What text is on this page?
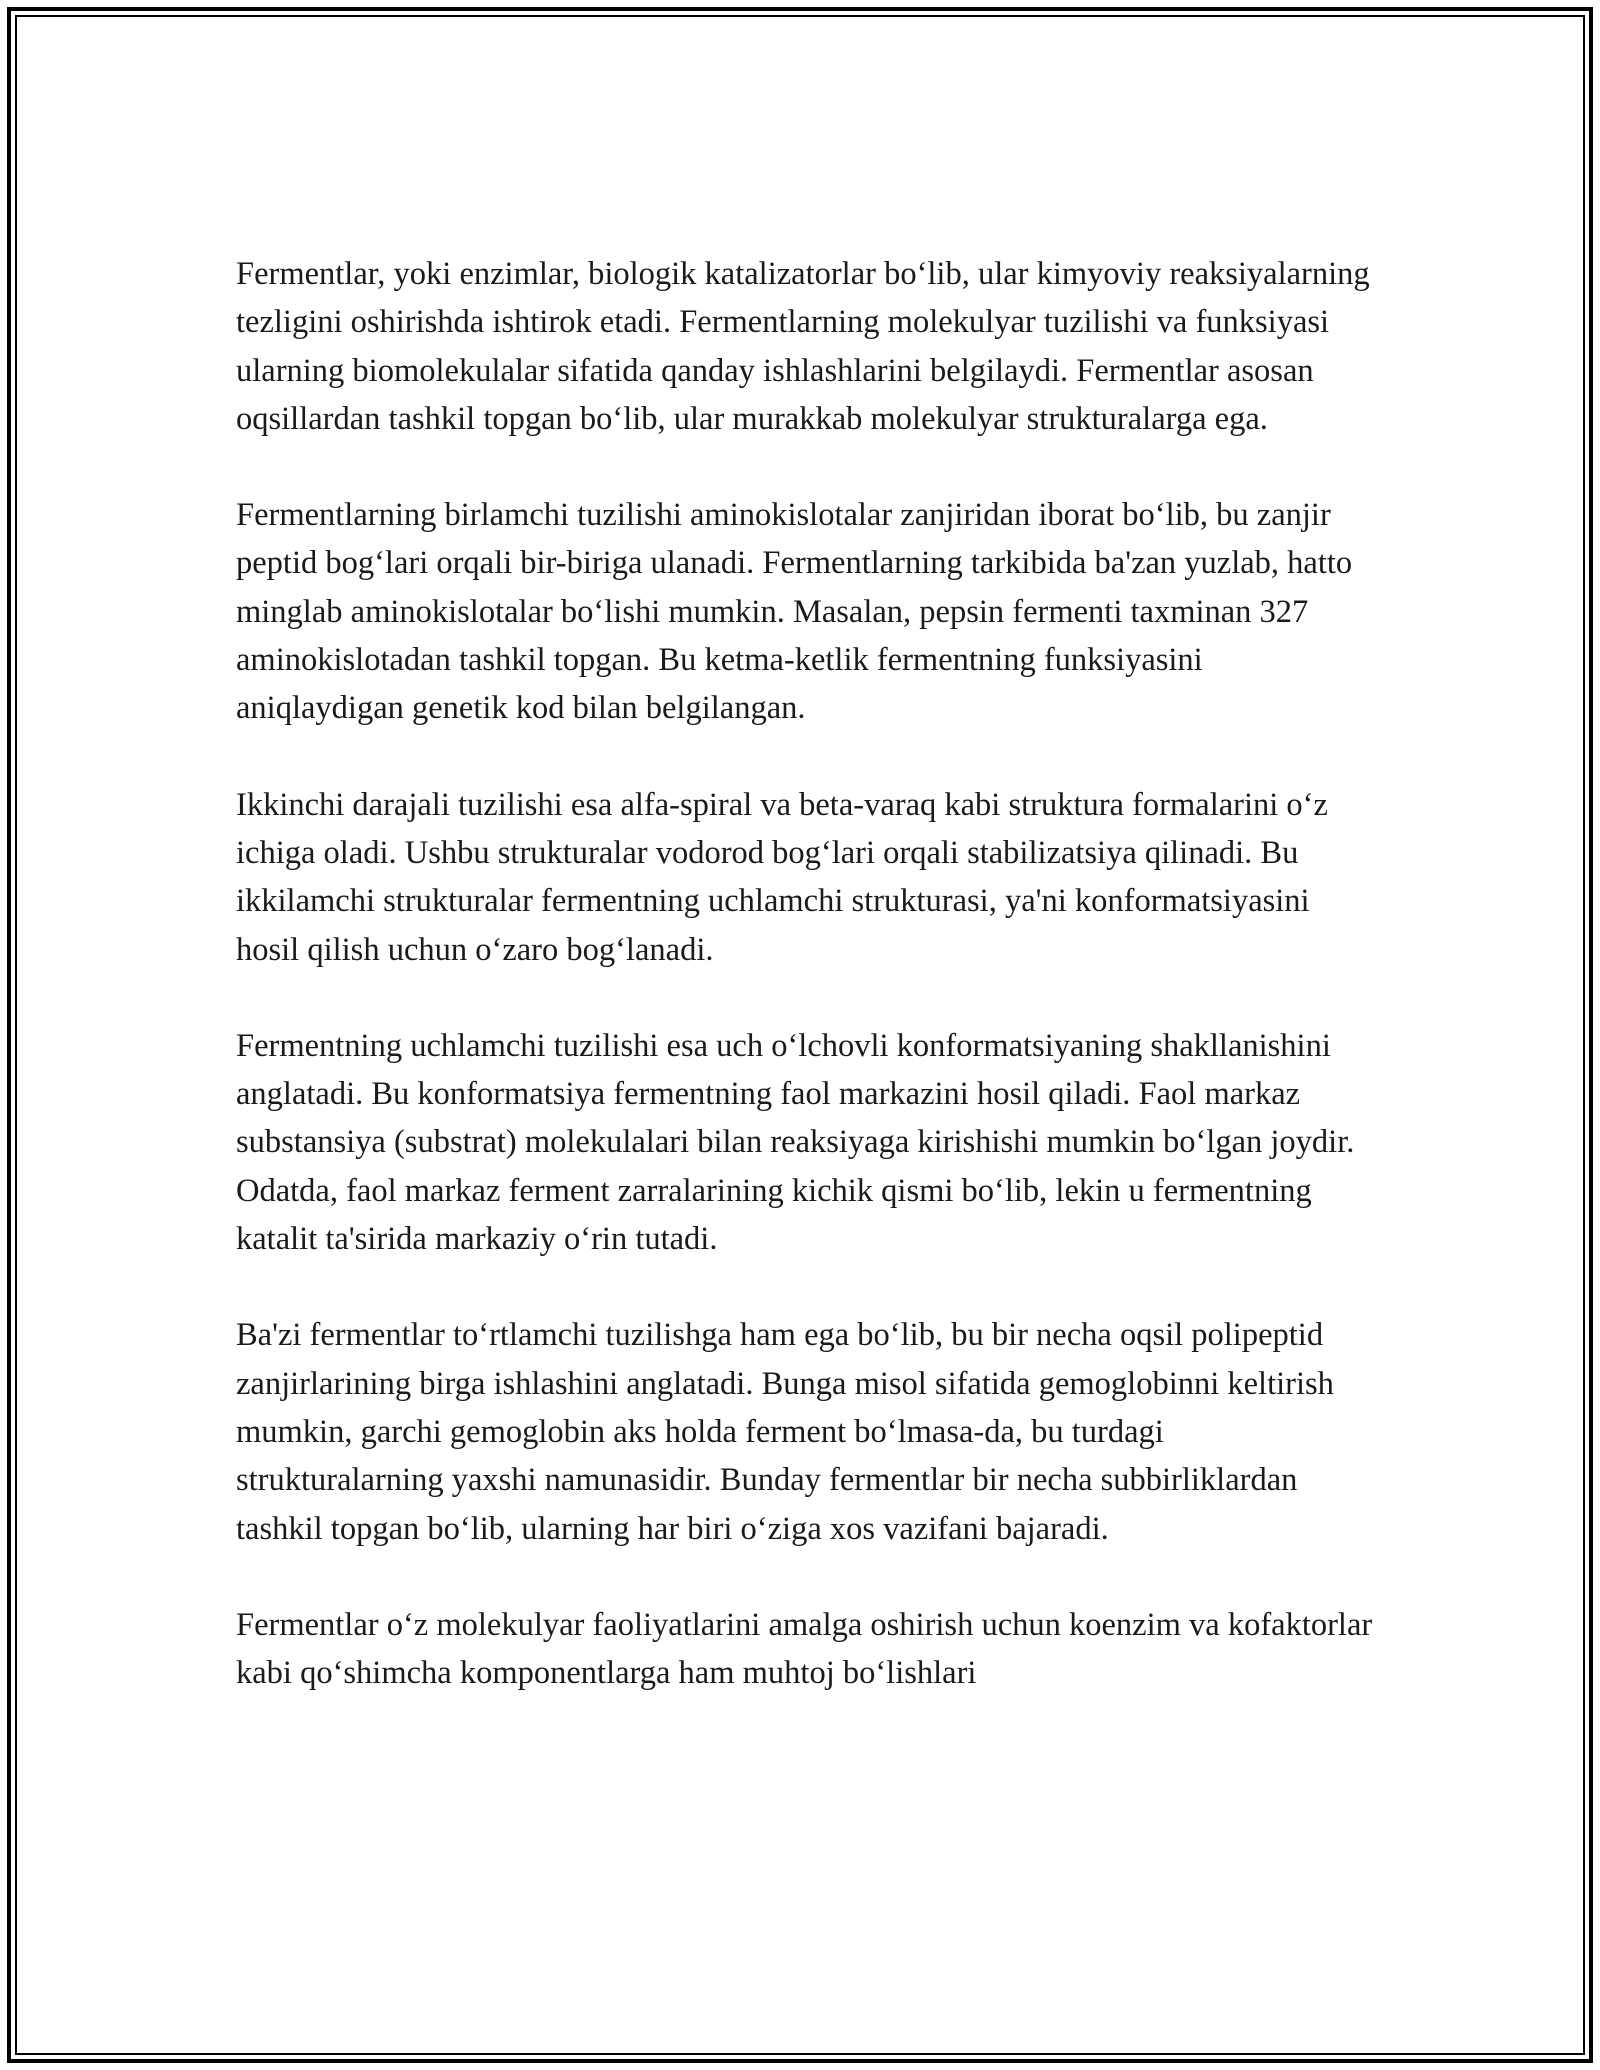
Fermentlar, yoki enzimlar, biologik katalizatorlar bo‘lib, ular kimyoviy reaksiyalarning tezligini oshirishda ishtirok etadi. Fermentlarning molekulyar tuzilishi va funksiyasi ularning biomolekulalar sifatida qanday ishlashlarini belgilaydi. Fermentlar asosan oqsillardan tashkil topgan bo‘lib, ular murakkab molekulyar strukturalarga ega.

Fermentlarning birlamchi tuzilishi aminokislotalar zanjiridan iborat bo‘lib, bu zanjir peptid bog‘lari orqali bir-biriga ulanadi. Fermentlarning tarkibida ba'zan yuzlab, hatto minglab aminokislotalar bo‘lishi mumkin. Masalan, pepsin fermenti taxminan 327 aminokislotadan tashkil topgan. Bu ketma-ketlik fermentning funksiyasini aniqlaydigan genetik kod bilan belgilangan.

Ikkinchi darajali tuzilishi esa alfa-spiral va beta-varaq kabi struktura formalarini o‘z ichiga oladi. Ushbu strukturalar vodorod bog‘lari orqali stabilizatsiya qilinadi. Bu ikkilamchi strukturalar fermentning uchlamchi strukturasi, ya'ni konformatsiyasini hosil qilish uchun o‘zaro bog‘lanadi.

Fermentning uchlamchi tuzilishi esa uch o‘lchovli konformatsiyaning shakllanishini anglatadi. Bu konformatsiya fermentning faol markazini hosil qiladi. Faol markaz substansiya (substrat) molekulalari bilan reaksiyaga kirishishi mumkin bo‘lgan joydir. Odatda, faol markaz ferment zarralarining kichik qismi bo‘lib, lekin u fermentning katalit ta'sirida markaziy o‘rin tutadi.

Ba'zi fermentlar to‘rtlamchi tuzilishga ham ega bo‘lib, bu bir necha oqsil polipeptid zanjirlarining birga ishlashini anglatadi. Bunga misol sifatida gemoglobinni keltirish mumkin, garchi gemoglobin aks holda ferment bo‘lmasa-da, bu turdagi strukturalarning yaxshi namunasidir. Bunday fermentlar bir necha subbirliklardan tashkil topgan bo‘lib, ularning har biri o‘ziga xos vazifani bajaradi.

Fermentlar o‘z molekulyar faoliyatlarini amalga oshirish uchun koenzim va kofaktorlar kabi qo‘shimcha komponentlarga ham muhtoj bo‘lishlari
